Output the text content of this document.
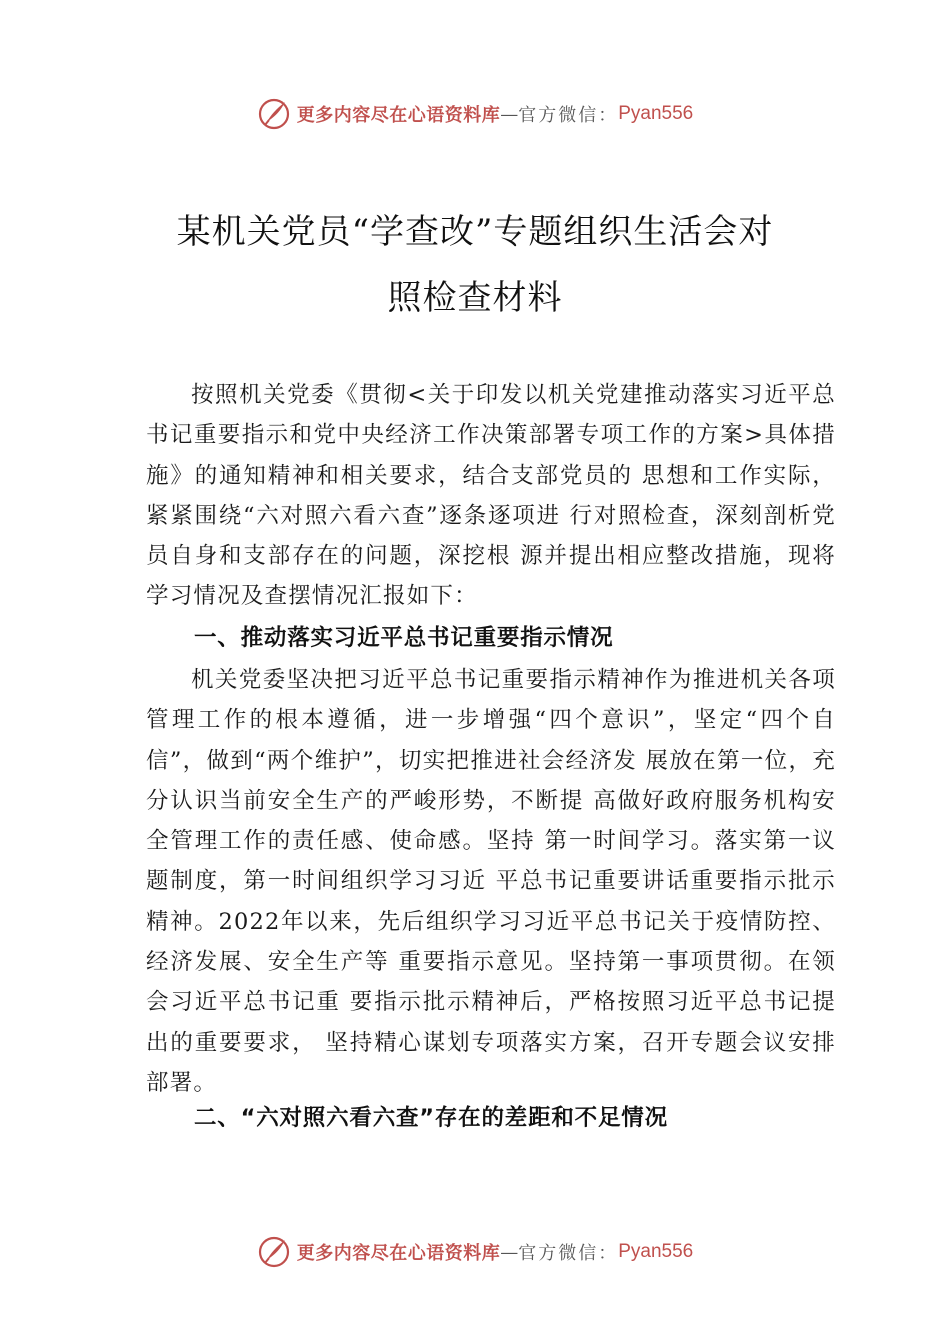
更多内容尽在心语资料库 — 官方微信： Pyan556
某机关党员“学查改”专题组织生活会对
照检查材料

按照机关党委《贯彻<关于印发以机关党建推动落实习近平总书记重要指示和党中央经济工作决策部署专项工作的方案>具体措施》的通知精神和相关要求，结合支部党员的 思想和工作实际，紧紧围绕“六对照六看六查”逐条逐项进 行对照检查，深刻剖析党员自身和支部存在的问题，深挖根 源并提出相应整改措施，现将学习情况及查摆情况汇报如下：

一、推动落实习近平总书记重要指示情况

机关党委坚决把习近平总书记重要指示精神作为推进机关各项管理工作的根本遵循，进一步增强“四个意识”，坚定“四个自信”，做到“两个维护”，切实把推进社会经济发 展放在第一位，充分认识当前安全生产的严峻形势，不断提 高做好政府服务机构安全管理工作的责任感、使命感。坚持 第一时间学习。落实第一议题制度，第一时间组织学习习近 平总书记重要讲话重要指示批示精神。2022年以来，先后组织学习习近平总书记关于疫情防控、经济发展、安全生产等 重要指示意见。坚持第一事项贯彻。在领会习近平总书记重 要指示批示精神后，严格按照习近平总书记提出的重要要求， 坚持精心谋划专项落实方案，召开专题会议安排部署。

二、“六对照六看六查”存在的差距和不足情况
更多内容尽在心语资料库 — 官方微信： Pyan556
